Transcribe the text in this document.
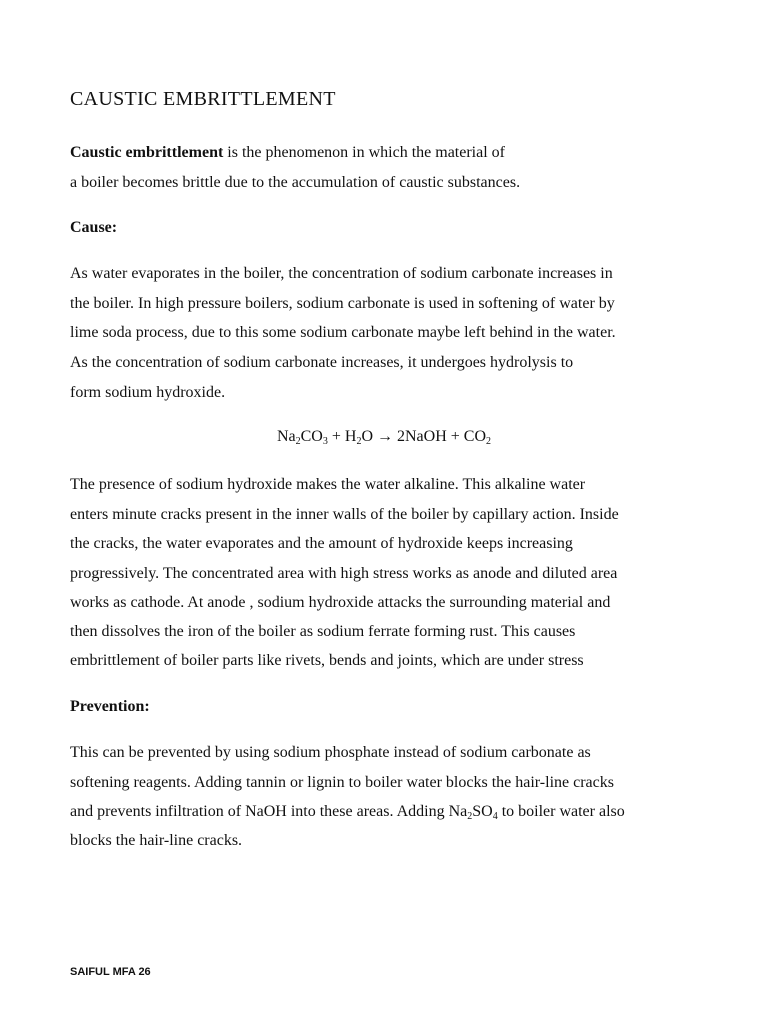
CAUSTIC EMBRITTLEMENT
Caustic embrittlement is the phenomenon in which the material of
a boiler becomes brittle due to the accumulation of caustic substances.
Cause:
As water evaporates in the boiler, the concentration of sodium carbonate increases in
the boiler. In high pressure boilers, sodium carbonate is used in softening of water by
lime soda process, due to this some sodium carbonate maybe left behind in the water.
As the concentration of sodium carbonate increases, it undergoes hydrolysis to
form sodium hydroxide.
$Na_2CO_3 + H_2O$ → 2NaOH + $CO_2$
The presence of sodium hydroxide makes the water alkaline. This alkaline water
enters minute cracks present in the inner walls of the boiler by capillary action. Inside
the cracks, the water evaporates and the amount of hydroxide keeps increasing
progressively. The concentrated area with high stress works as anode and diluted area
works as cathode. At anode , sodium hydroxide attacks the surrounding material and
then dissolves the iron of the boiler as sodium ferrate forming rust. This causes
embrittlement of boiler parts like rivets, bends and joints, which are under stress
Prevention:
This can be prevented by using sodium phosphate instead of sodium carbonate as
softening reagents. Adding tannin or lignin to boiler water blocks the hair-line cracks
and prevents infiltration of NaOH into these areas. Adding Na2SO4 to boiler water also
blocks the hair-line cracks.
SAIFUL MFA 26
